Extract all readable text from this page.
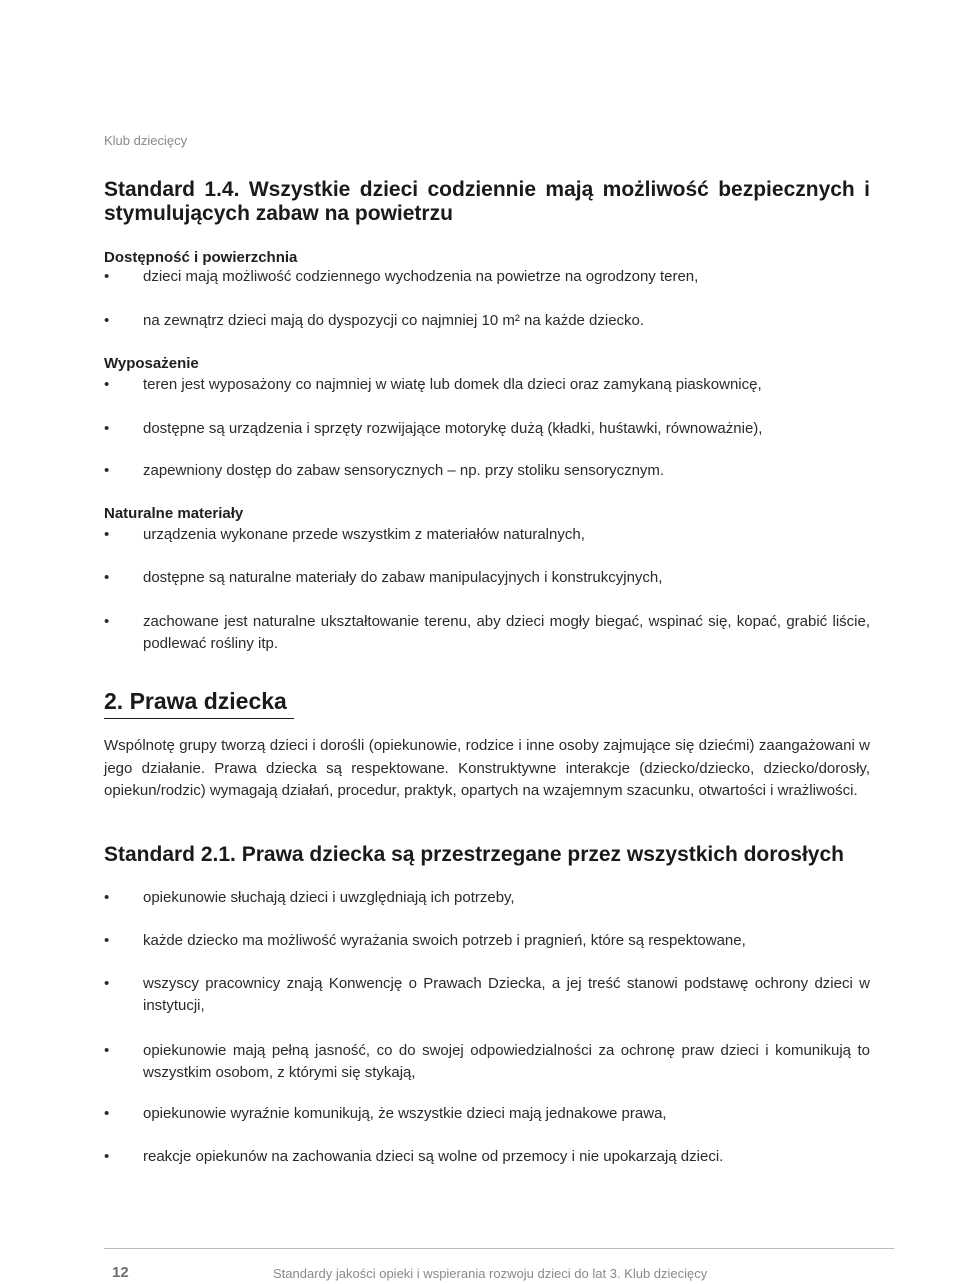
Klub dziecięcy
Standard 1.4. Wszystkie dzieci codziennie mają możliwość bezpiecznych i stymulujących zabaw na powietrzu
Dostępność i powierzchnia
• dzieci mają możliwość codziennego wychodzenia na powietrze na ogrodzony teren,
• na zewnątrz dzieci mają do dyspozycji co najmniej 10 m² na każde dziecko.
Wyposażenie
• teren jest wyposażony co najmniej w wiatę lub domek dla dzieci oraz zamykaną piaskownicę,
• dostępne są urządzenia i sprzęty rozwijające motorykę dużą (kładki, huśtawki, równoważnie),
• zapewniony dostęp do zabaw sensorycznych – np. przy stoliku sensorycznym.
Naturalne materiały
• urządzenia wykonane przede wszystkim z materiałów naturalnych,
• dostępne są naturalne materiały do zabaw manipulacyjnych i konstrukcyjnych,
• zachowane jest naturalne ukształtowanie terenu, aby dzieci mogły biegać, wspinać się, kopać, grabić liście, podlewać rośliny itp.
2. Prawa dziecka
Wspólnotę grupy tworzą dzieci i dorośli (opiekunowie, rodzice i inne osoby zajmujące się dziećmi) zaangażowani w jego działanie. Prawa dziecka są respektowane. Konstruktywne interakcje (dziecko/dziecko, dziecko/dorosły, opiekun/rodzic) wymagają działań, procedur, praktyk, opartych na wzajemnym szacunku, otwartości i wrażliwości.
Standard 2.1. Prawa dziecka są przestrzegane przez wszystkich dorosłych
• opiekunowie słuchają dzieci i uwzględniają ich potrzeby,
• każde dziecko ma możliwość wyrażania swoich potrzeb i pragnień, które są respektowane,
• wszyscy pracownicy znają Konwencję o Prawach Dziecka, a jej treść stanowi podstawę ochrony dzieci w instytucji,
• opiekunowie mają pełną jasność, co do swojej odpowiedzialności za ochronę praw dzieci i komunikują to wszystkim osobom, z którymi się stykają,
• opiekunowie wyraźnie komunikują, że wszystkie dzieci mają jednakowe prawa,
• reakcje opiekunów na zachowania dzieci są wolne od przemocy i nie upokarzają dzieci.
12	Standardy jakości opieki i wspierania rozwoju dzieci do lat 3. Klub dziecięcy
